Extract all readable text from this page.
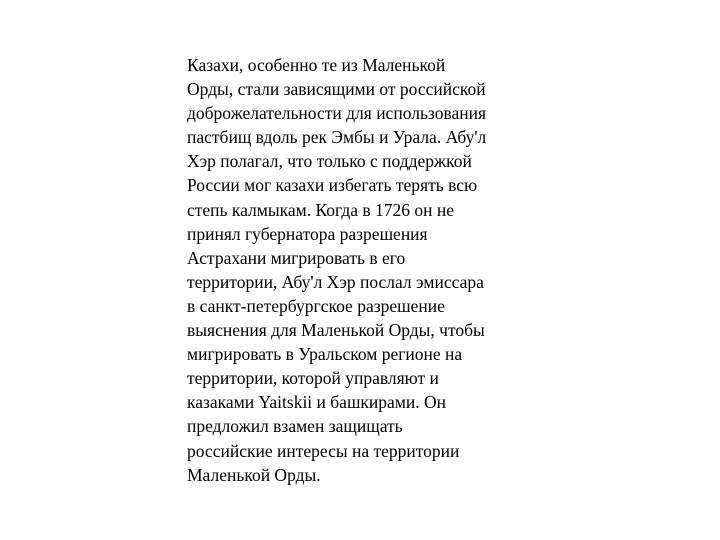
Казахи, особенно те из Маленькой
Орды, стали зависящими от российской
доброжелательности для использования
пастбищ вдоль рек Эмбы и Урала. Абу'л
Хэр полагал, что только с поддержкой
России мог казахи избегать терять всю
степь калмыкам. Когда в 1726 он не
принял губернатора разрешения
Астрахани мигрировать в его
территории, Абу'л Хэр послал эмиссара
в санкт-петербургское разрешение
выяснения для Маленькой Орды, чтобы
мигрировать в Уральском регионе на
территории, которой управляют и
казаками Yaitskii и башкирами. Он
предложил взамен защищать
российские интересы на территории
Маленькой Орды.
